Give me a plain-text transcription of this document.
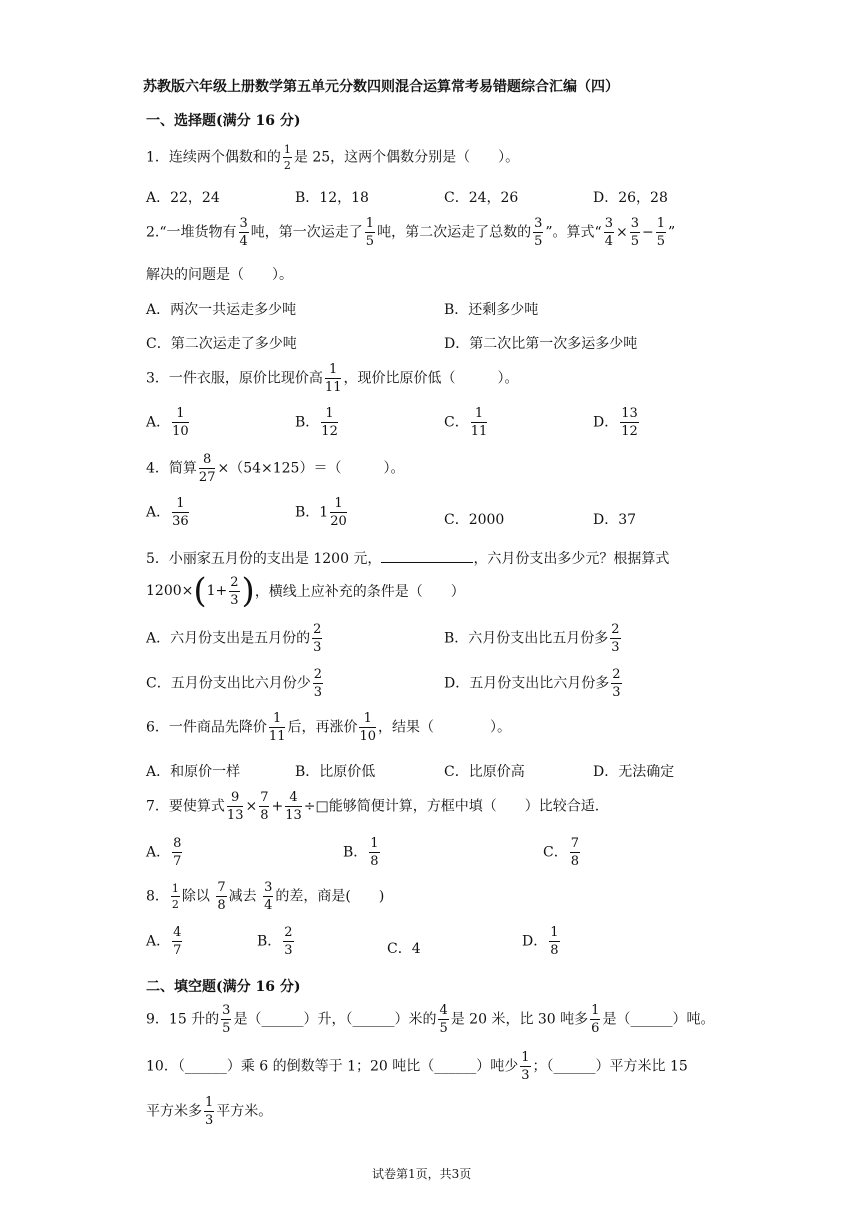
苏教版六年级上册数学第五单元分数四则混合运算常考易错题综合汇编（四）
一、选择题(满分 16 分)
1．连续两个偶数和的 $\frac{1}{2}$ 是 25，这两个偶数分别是（　　）。
A．22，24	B．12，18	C．24，26	D．26，28
2.“一堆货物有 $\frac{3}{4}$ 吨，第一次运走了 $\frac{1}{5}$ 吨，第二次运走了总数的 $\frac{3}{5}$ ”。算式“ $\frac{3}{4} \times \frac{3}{5} - \frac{1}{5}$ ”
解决的问题是（　　）。
A．两次一共运走多少吨	B．还剩多少吨
C．第二次运走了多少吨	D．第二次比第一次多运多少吨
3．一件衣服，原价比现价高 $\frac{1}{11}$ ，现价比原价低（　　　）。
A． $\frac{1}{10}$	B． $\frac{1}{12}$	C． $\frac{1}{11}$	D． $\frac{13}{12}$
4．简算 $\frac{8}{27} \times(54\times 125)=$（　　　）。
A． $\frac{1}{36}$	B．$1 \frac{1}{20}$	C．2000	D．37
5．小丽家五月份的支出是 1200 元，	，六月份支出多少元？根据算式
$1200\times(1+ \frac{2}{3}$ )，横线上应补充的条件是（　　）
A．六月份支出是五月份的 $\frac{2}{3}$	B．六月份支出比五月份多 $\frac{2}{3}$
C．五月份支出比六月份少 $\frac{2}{3}$	D．五月份支出比六月份多 $\frac{2}{3}$
6．一件商品先降价 $\frac{1}{11}$ 后，再涨价 $\frac{1}{10}$ ，结果（　　　　）。
A．和原价一样	B．比原价低	C．比原价高	D．无法确定
7．要使算式 $\frac{9}{13} \times \frac{7}{8} + \frac{4}{13}$ ÷□能够简便计算，方框中填（　　）比较合适.
A． $\frac{8}{7}$	B． $\frac{1}{8}$	C． $\frac{7}{8}$
8． $\frac{1}{2}$ 除以 $\frac{7}{8}$ 减去 $\frac{3}{4}$ 的差，商是(　　)
A． $\frac{4}{7}$	B． $\frac{2}{3}$	C．4	D． $\frac{1}{8}$
二、填空题(满分 16 分)
9．15 升的 $\frac{3}{5}$ 是（______）升，（______）米的 $\frac{4}{5}$ 是 20 米，比 30 吨多 $\frac{1}{6}$ 是（______）吨。
10．（______）乘 6 的倒数等于 1；20 吨比（______）吨少 $\frac{1}{3}$ ；（______）平方米比 15
平方米多 $\frac{1}{3}$ 平方米。
试卷第1页，共3页
